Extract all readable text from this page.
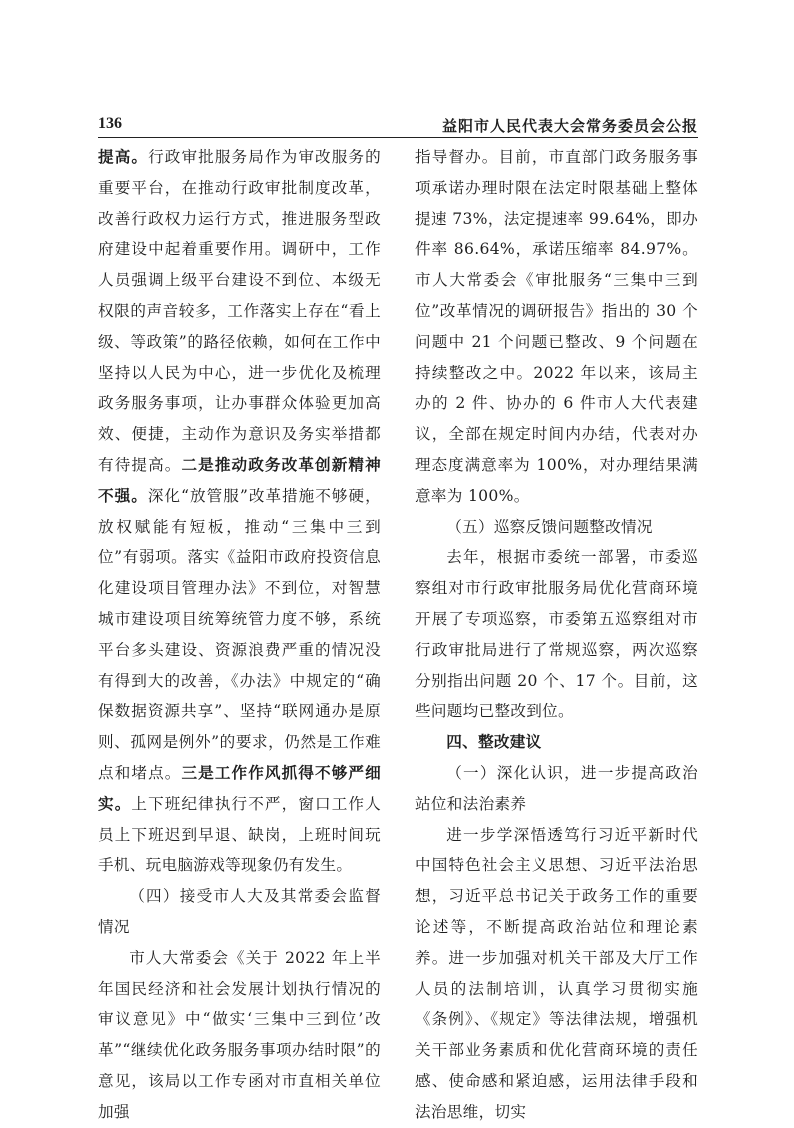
136	益阳市人民代表大会常务委员会公报

提高。行政审批服务局作为审改服务的重要平台，在推动行政审批制度改革，改善行政权力运行方式，推进服务型政府建设中起着重要作用。调研中，工作人员强调上级平台建设不到位、本级无权限的声音较多，工作落实上存在“看上级、等政策”的路径依赖，如何在工作中坚持以人民为中心，进一步优化及梳理政务服务事项，让办事群众体验更加高效、便捷，主动作为意识及务实举措都有待提高。二是推动政务改革创新精神不强。深化“放管服”改革措施不够硬，放权赋能有短板，推动“三集中三到位”有弱项。落实《益阳市政府投资信息化建设项目管理办法》不到位，对智慧城市建设项目统筹统管力度不够，系统平台多头建设、资源浪费严重的情况没有得到大的改善，《办法》中规定的“确保数据资源共享”、坚持“联网通办是原则、孤网是例外”的要求，仍然是工作难点和堵点。三是工作作风抓得不够严细实。上下班纪律执行不严，窗口工作人员上下班迟到早退、缺岗，上班时间玩手机、玩电脑游戏等现象仍有发生。

（四）接受市人大及其常委会监督情况

市人大常委会《关于 2022 年上半年国民经济和社会发展计划执行情况的审议意见》中“做实‘三集中三到位’改革”“继续优化政务服务事项办结时限”的意见，该局以工作专函对市直相关单位加强

指导督办。目前，市直部门政务服务事项承诺办理时限在法定时限基础上整体提速 73%，法定提速率 99.64%，即办件率 86.64%，承诺压缩率 84.97%。市人大常委会《审批服务“三集中三到位”改革情况的调研报告》指出的 30 个问题中 21 个问题已整改、9 个问题在持续整改之中。2022 年以来，该局主办的 2 件、协办的 6 件市人大代表建议，全部在规定时间内办结，代表对办理态度满意率为 100%，对办理结果满意率为 100%。

（五）巡察反馈问题整改情况

去年，根据市委统一部署，市委巡察组对市行政审批服务局优化营商环境开展了专项巡察，市委第五巡察组对市行政审批局进行了常规巡察，两次巡察分别指出问题 20 个、17 个。目前，这些问题均已整改到位。

四、整改建议

（一）深化认识，进一步提高政治站位和法治素养

进一步学深悟透笃行习近平新时代中国特色社会主义思想、习近平法治思想，习近平总书记关于政务工作的重要论述等，不断提高政治站位和理论素养。进一步加强对机关干部及大厅工作人员的法制培训，认真学习贯彻实施《条例》、《规定》等法律法规，增强机关干部业务素质和优化营商环境的责任感、使命感和紧迫感，运用法律手段和法治思维，切实
